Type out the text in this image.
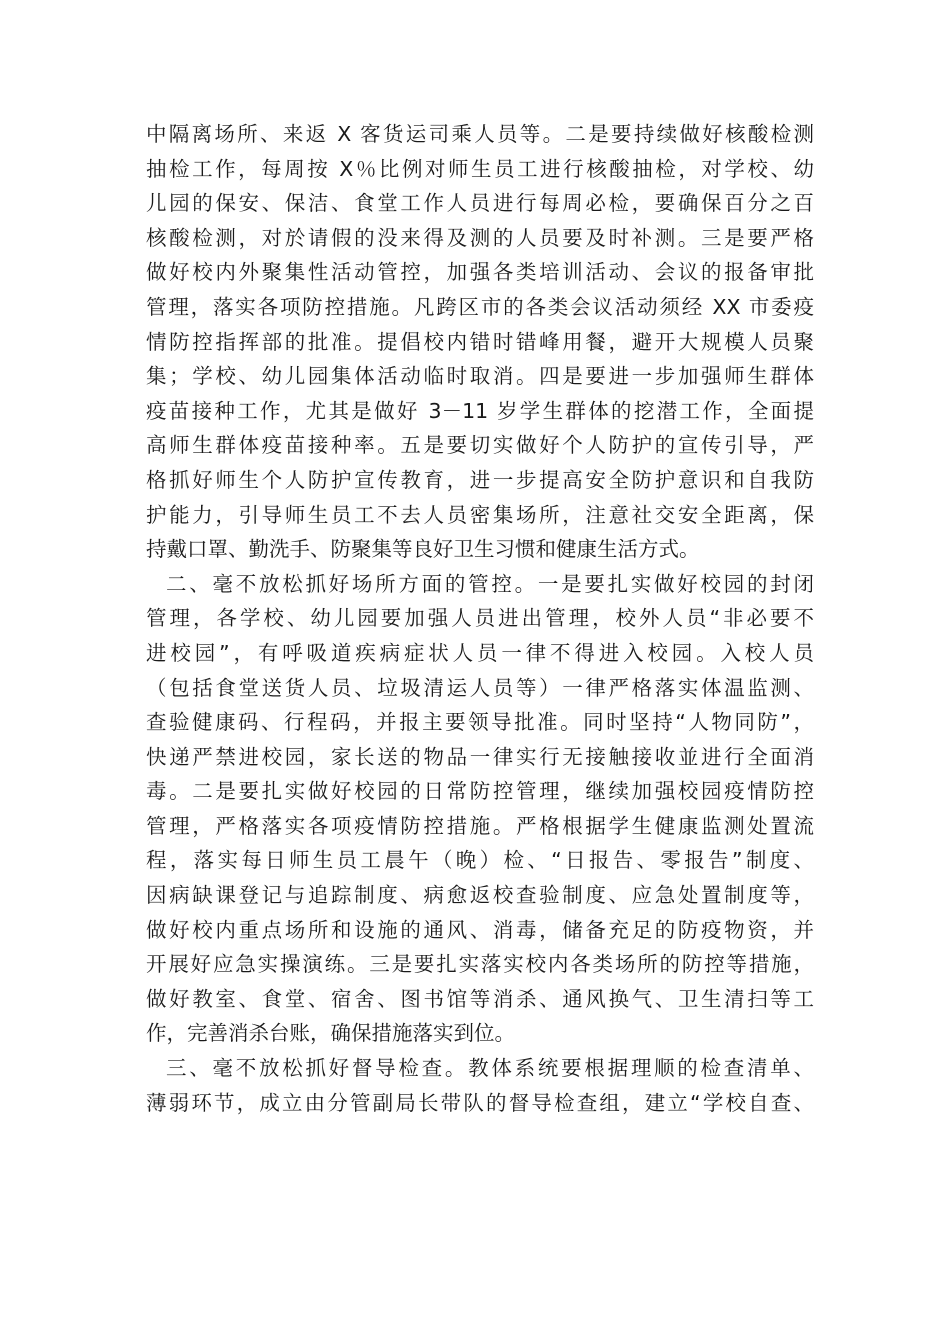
中隔离场所、来返 X 客货运司乘人员等。二是要持续做好核酸检测
抽检工作，每周按 X％比例对师生员工进行核酸抽检，对学校、幼
儿园的保安、保洁、食堂工作人员进行每周必检，要确保百分之百
核酸检测，对於请假的没来得及测的人员要及时补测。三是要严格
做好校内外聚集性活动管控，加强各类培训活动、会议的报备审批
管理，落实各项防控措施。凡跨区市的各类会议活动须经 XX 市委疫
情防控指挥部的批准。提倡校内错时错峰用餐，避开大规模人员聚
集；学校、幼儿园集体活动临时取消。四是要进一步加强师生群体
疫苗接种工作，尤其是做好 3－11 岁学生群体的挖潜工作，全面提
高师生群体疫苗接种率。五是要切实做好个人防护的宣传引导，严
格抓好师生个人防护宣传教育，进一步提高安全防护意识和自我防
护能力，引导师生员工不去人员密集场所，注意社交安全距离，保
持戴口罩、勤洗手、防聚集等良好卫生习惯和健康生活方式。
二、毫不放松抓好场所方面的管控。一是要扎实做好校园的封闭
管理，各学校、幼儿园要加强人员进出管理，校外人员“非必要不
进校园”，有呼吸道疾病症状人员一律不得进入校园。入校人员
（包括食堂送货人员、垃圾清运人员等）一律严格落实体温监测、
查验健康码、行程码，并报主要领导批准。同时坚持“人物同防”，
快递严禁进校园，家长送的物品一律实行无接触接收並进行全面消
毒。二是要扎实做好校园的日常防控管理，继续加强校园疫情防控
管理，严格落实各项疫情防控措施。严格根据学生健康监测处置流
程，落实每日师生员工晨午（晚）检、“日报告、零报告”制度、
因病缺课登记与追踪制度、病愈返校查验制度、应急处置制度等，
做好校内重点场所和设施的通风、消毒，储备充足的防疫物资，并
开展好应急实操演练。三是要扎实落实校内各类场所的防控等措施，
做好教室、食堂、宿舍、图书馆等消杀、通风换气、卫生清扫等工
作，完善消杀台账，确保措施落实到位。
三、毫不放松抓好督导检查。教体系统要根据理顺的检查清单、
薄弱环节，成立由分管副局长带队的督导检查组，建立“学校自查、
